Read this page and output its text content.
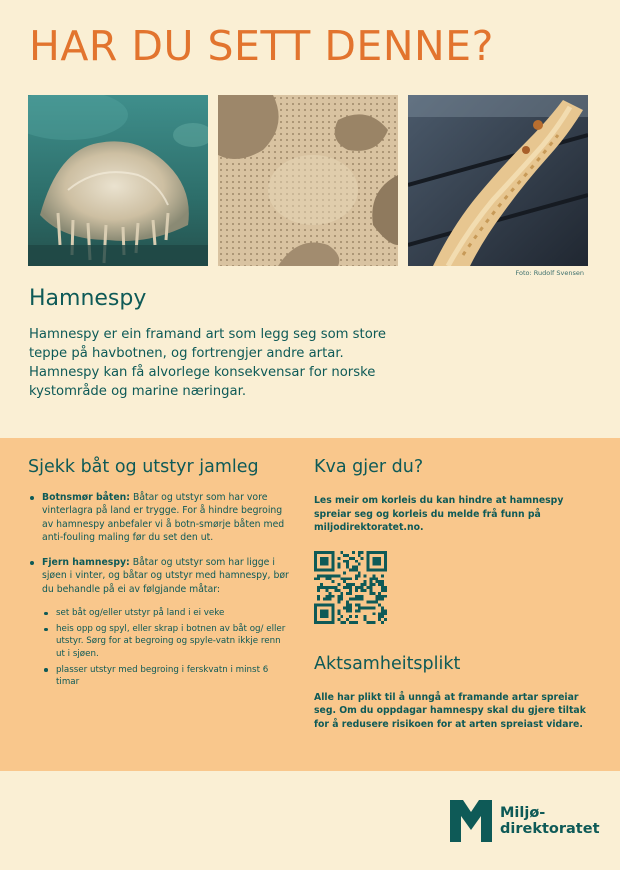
HAR DU SETT DENNE?
Foto: Rudolf Svensen
Hamnespy

Hamnespy er ein framand art som legg seg som store teppe på havbotnen, og fortrengjer andre artar. Hamnespy kan få alvorlege konsekvensar for norske kystområde og marine næringar.

Sjekk båt og utstyr jamleg
Botnsmør båten: Båtar og utstyr som har vore vinterlagra på land er trygge. For å hindre begroing av hamnespy anbefaler vi å botn-smørje båten med anti-fouling maling før du set den ut.
Fjern hamnespy: Båtar og utstyr som har ligge i sjøen i vinter, og båtar og utstyr med hamnespy, bør du behandle på ei av følgjande måtar:
set båt og/eller utstyr på land i ei veke
heis opp og spyl, eller skrap i botnen av båt og/ eller utstyr. Sørg for at begroing og spyle-vatn ikkje renn ut i sjøen.
plasser utstyr med begroing i ferskvatn i minst 6 timar
Kva gjer du?

Les meir om korleis du kan hindre at hamnespy spreiar seg og korleis du melde frå funn på miljodirektoratet.no.

Aktsamheitsplikt

Alle har plikt til å unngå at framande artar spreiar seg. Om du oppdagar hamnespy skal du gjere tiltak for å redusere risikoen for at arten spreiast vidare.

Miljø-
direktoratet
